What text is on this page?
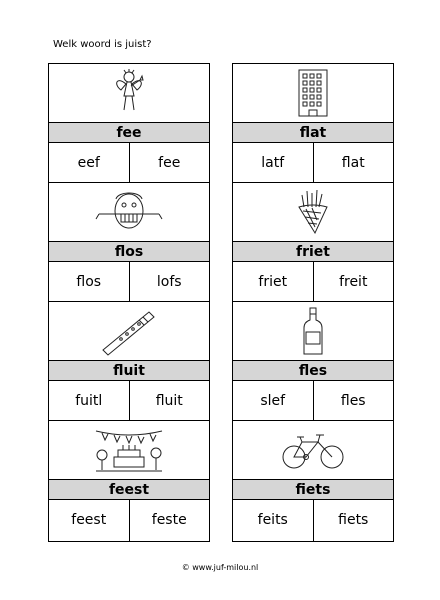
Welk woord is juist?
fee
eef	fee
flat
latf	flat
flos
flos	lofs
friet
friet	freit
fluit
fuitl	fluit
fles
slef	fles
feest
feest	feste
fiets
feits	fiets
© www.juf-milou.nl
